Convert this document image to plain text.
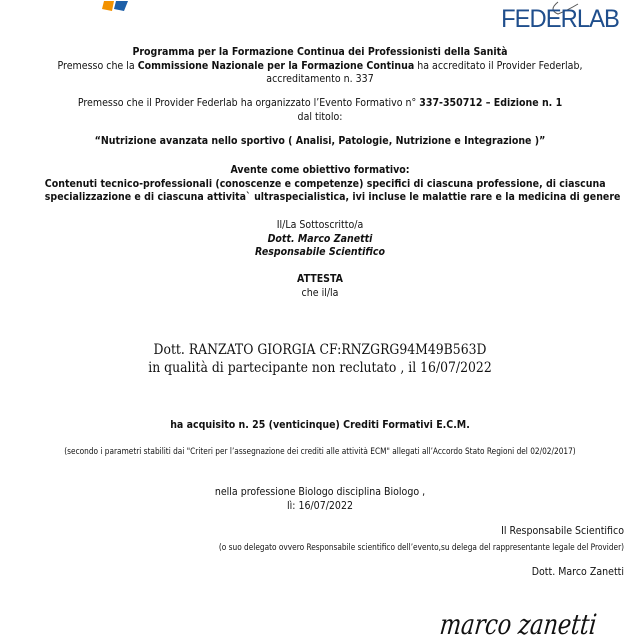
FEDERLAB
Programma per la Formazione Continua dei Professionisti della Sanità
Premesso che la Commissione Nazionale per la Formazione Continua ha accreditato il Provider Federlab,
accreditamento n. 337
Premesso che il Provider Federlab ha organizzato l’Evento Formativo n° 337-350712 – Edizione n. 1
dal titolo:
“Nutrizione avanzata nello sportivo ( Analisi, Patologie, Nutrizione e Integrazione )”
Avente come obiettivo formativo:
Contenuti tecnico-professionali (conoscenze e competenze) specifici di ciascuna professione, di ciascuna
specializzazione e di ciascuna attivita` ultraspecialistica, ivi incluse le malattie rare e la medicina di genere
Il/La Sottoscritto/a
Dott. Marco Zanetti
Responsabile Scientifico
ATTESTA
che il/la
Dott. RANZATO GIORGIA CF:RNZGRG94M49B563D
in qualità di partecipante non reclutato , il 16/07/2022
ha acquisito n. 25 (venticinque) Crediti Formativi E.C.M.
(secondo i parametri stabiliti dai "Criteri per l’assegnazione dei crediti alle attività ECM" allegati all’Accordo Stato Regioni del 02/02/2017)
nella professione Biologo disciplina Biologo ,
lì: 16/07/2022
Il Responsabile Scientifico
(o suo delegato ovvero Responsabile scientifico dell’evento,su delega del rappresentante legale del Provider)
Dott. Marco Zanetti
marco zanetti
